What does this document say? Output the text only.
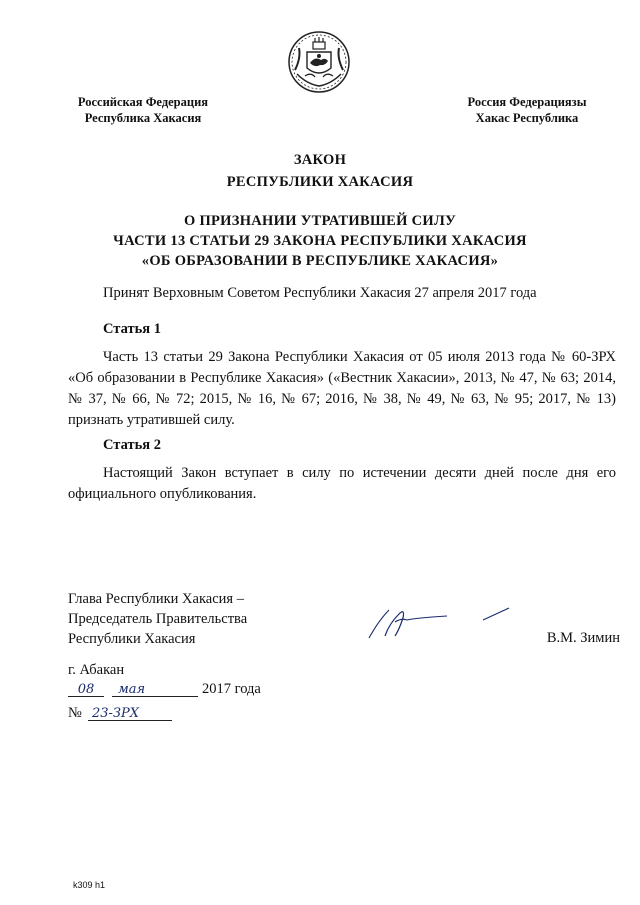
Российская Федерация
Республика Хакасия
Россия Федерациязы
Хакас Республика
ЗАКОН
РЕСПУБЛИКИ ХАКАСИЯ
О ПРИЗНАНИИ УТРАТИВШЕЙ СИЛУ
ЧАСТИ 13 СТАТЬИ 29 ЗАКОНА РЕСПУБЛИКИ ХАКАСИЯ
«ОБ ОБРАЗОВАНИИ В РЕСПУБЛИКЕ ХАКАСИЯ»
Принят Верховным Советом Республики Хакасия 27 апреля 2017 года
Статья 1
Часть 13 статьи 29 Закона Республики Хакасия от 05 июля 2013 года № 60-ЗРХ «Об образовании в Республике Хакасия» («Вестник Хакасии», 2013, № 47, № 63; 2014, № 37, № 66, № 72; 2015, № 16, № 67; 2016, № 38, № 49, № 63, № 95; 2017, № 13) признать утратившей силу.
Статья 2
Настоящий Закон вступает в силу по истечении десяти дней после дня его официального опубликования.
Глава Республики Хакасия –
Председатель Правительства
Республики Хакасия	В.М. Зимин
г. Абакан
08	мая	2017 года
№ 23-ЗРХ
k309 h1
